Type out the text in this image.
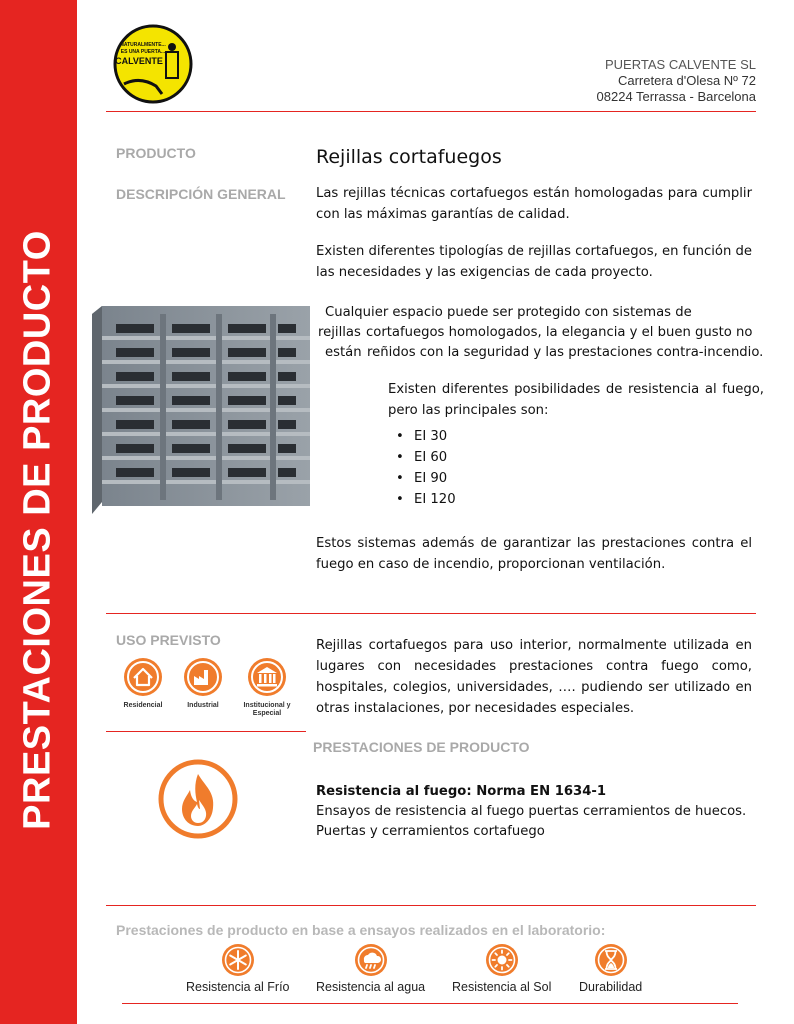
PRESTACIONES DE PRODUCTO
NATURALMENTE...
ES UNA PUERTA...
CALVENTE	PUERTAS CALVENTE SL
Carretera d'Olesa Nº 72
08224 Terrassa - Barcelona
PRODUCTO	Rejillas cortafuegos
DESCRIPCIÓN GENERAL Las rejillas técnicas cortafuegos están homologadas para cumplir con las máximas garantías de calidad.
Existen diferentes tipologías de rejillas cortafuegos, en función de las necesidades y las exigencias de cada proyecto.
Cualquier espacio puede ser protegido con sistemas de
rejillas cortafuegos homologados, la elegancia y el buen gusto no
están reñidos con la seguridad y las prestaciones contra-incendio.
Existen diferentes posibilidades de resistencia al fuego, pero las principales son:
• EI 30
• EI 60
• EI 90
• EI 120
Estos sistemas además de garantizar las prestaciones contra el fuego en caso de incendio, proporcionan ventilación.
USO PREVISTO
Residencial	Industrial	Institucional y Especial
Rejillas cortafuegos para uso interior, normalmente utilizada en lugares con necesidades prestaciones contra fuego como, hospitales, colegios, universidades, …. pudiendo ser utilizado en otras instalaciones, por necesidades especiales.
PRESTACIONES DE PRODUCTO
Resistencia al fuego: Norma EN 1634-1
Ensayos de resistencia al fuego puertas cerramientos de huecos.
Puertas y cerramientos cortafuego
Prestaciones de producto en base a ensayos realizados en el laboratorio:
Resistencia al Frío Resistencia al agua Resistencia al Sol Durabilidad
